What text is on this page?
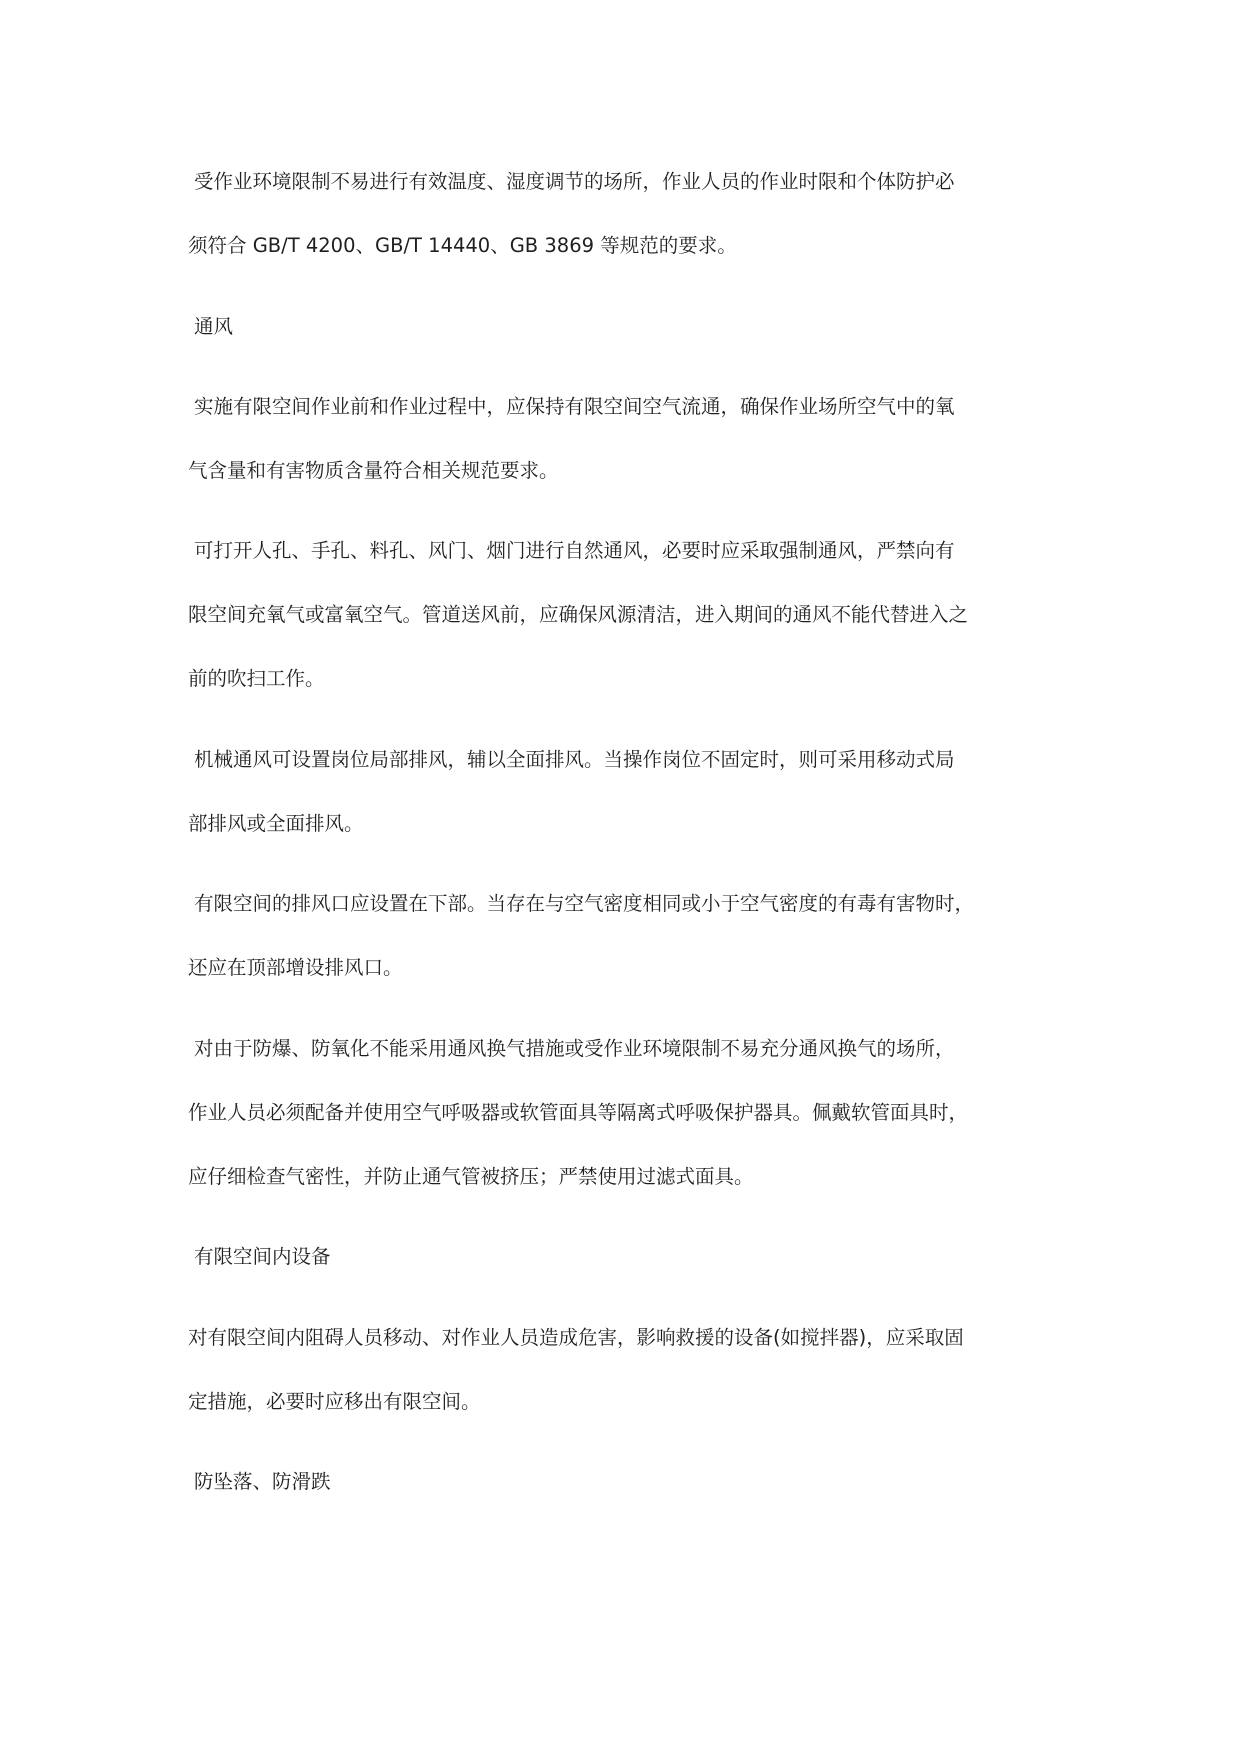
受作业环境限制不易进行有效温度、湿度调节的场所，作业人员的作业时限和个体防护必

须符合 GB/T 4200、GB/T 14440、GB 3869 等规范的要求。

通风

实施有限空间作业前和作业过程中，应保持有限空间空气流通，确保作业场所空气中的氧

气含量和有害物质含量符合相关规范要求。

可打开人孔、手孔、料孔、风门、烟门进行自然通风，必要时应采取强制通风，严禁向有

限空间充氧气或富氧空气。管道送风前，应确保风源清洁，进入期间的通风不能代替进入之

前的吹扫工作。

机械通风可设置岗位局部排风，辅以全面排风。当操作岗位不固定时，则可采用移动式局

部排风或全面排风。

有限空间的排风口应设置在下部。当存在与空气密度相同或小于空气密度的有毒有害物时，

还应在顶部增设排风口。

对由于防爆、防氧化不能采用通风换气措施或受作业环境限制不易充分通风换气的场所，

作业人员必须配备并使用空气呼吸器或软管面具等隔离式呼吸保护器具。佩戴软管面具时，

应仔细检查气密性，并防止通气管被挤压；严禁使用过滤式面具。

有限空间内设备

对有限空间内阻碍人员移动、对作业人员造成危害，影响救援的设备(如搅拌器)，应采取固

定措施，必要时应移出有限空间。

防坠落、防滑跌
